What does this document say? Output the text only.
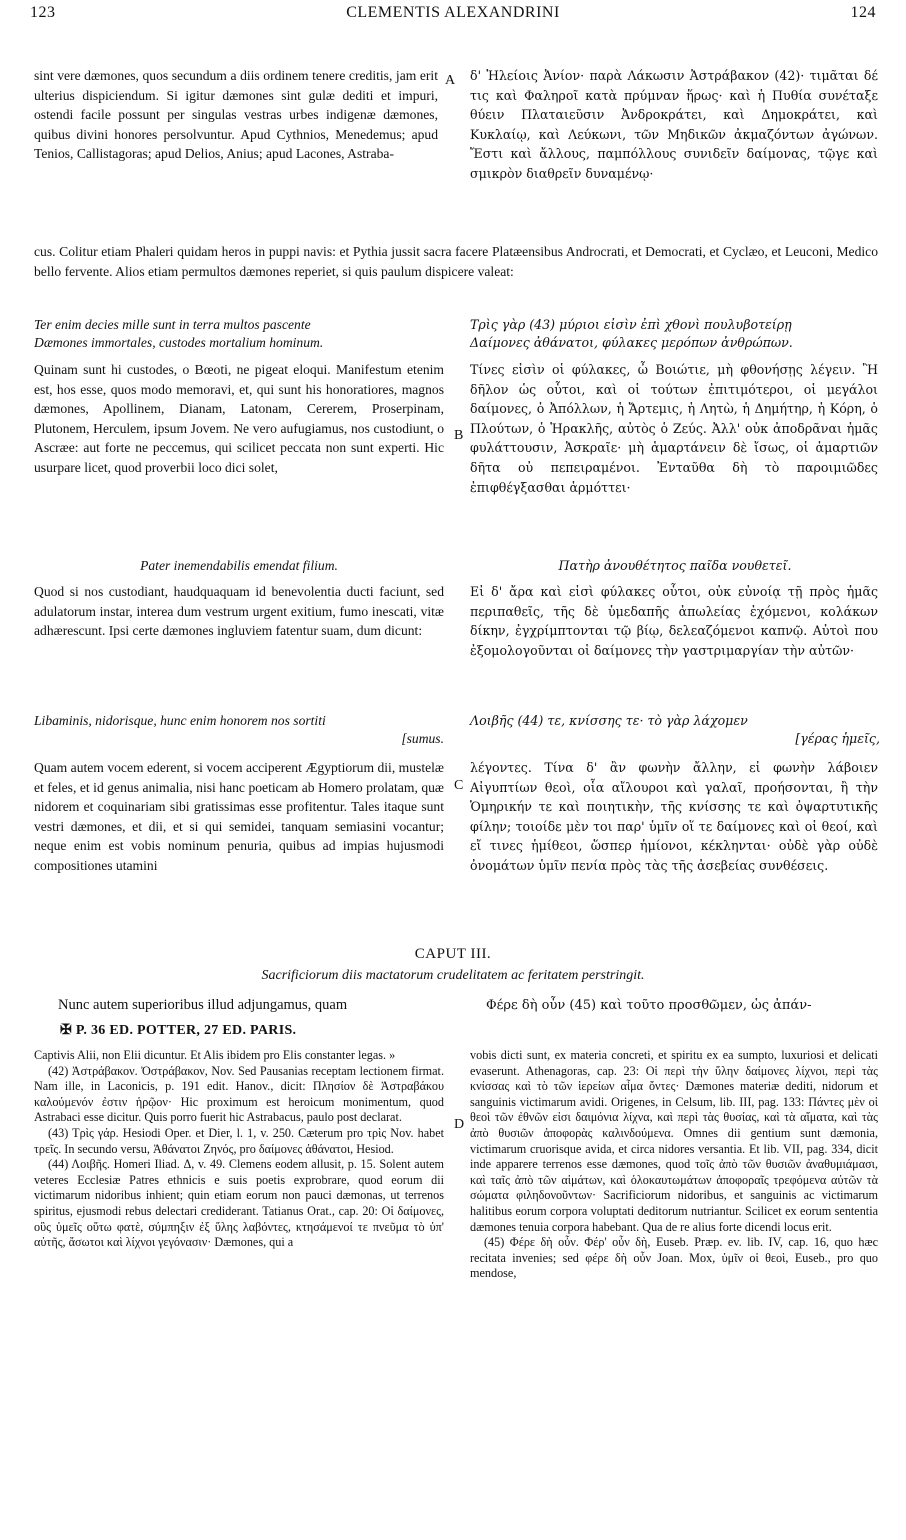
123	CLEMENTIS ALEXANDRINI	124
A
B
C
D

sint vere dæmones, quos secundum a diis ordinem tenere creditis, jam erit ulterius dispiciendum. Si igitur dæmones sint gulæ dediti et impuri, ostendi facile possunt per singulas vestras urbes indigenæ dæmones, quibus divini honores persolvuntur. Apud Cythnios, Menedemus; apud Tenios, Callistagoras; apud Delios, Anius; apud Lacones, Astraba-

δ' Ἠλείοις Ἀνίον· παρὰ Λάκωσιν Ἀστράβακον (42)· τιμᾶται δέ τις καὶ Φαληροῖ κατὰ πρύμναν ἥρως· καὶ ἡ Πυθία συνέταξε θύειν Πλαταιεῦσιν Ἀνδροκράτει, καὶ Δημοκράτει, καὶ Κυκλαίῳ, καὶ Λεύκωνι, τῶν Μηδικῶν ἀκμαζόντων ἀγώνων. Ἔστι καὶ ἄλλους, παμπόλλους συνιδεῖν δαίμονας, τῷγε καὶ σμικρὸν διαθρεῖν δυναμένῳ·

cus. Colitur etiam Phaleri quidam heros in puppi navis: et Pythia jussit sacra facere Platæensibus Androcrati, et Democrati, et Cyclæo, et Leuconi, Medico bello fervente. Alios etiam permultos dæmones reperiet, si quis paulum dispicere valeat:

Ter enim decies mille sunt in terra multos pascente

Dæmones immortales, custodes mortalium hominum.

Τρὶς γὰρ (43) μύριοι εἰσὶν ἐπὶ χθονὶ πουλυβοτείρῃ

Δαίμονες ἀθάνατοι, φύλακες μερόπων ἀνθρώπων.

Quinam sunt hi custodes, o Bœoti, ne pigeat eloqui. Manifestum etenim est, hos esse, quos modo memoravi, et, qui sunt his honoratiores, magnos dæmones, Apollinem, Dianam, Latonam, Cererem, Proserpinam, Plutonem, Herculem, ipsum Jovem. Ne vero aufugiamus, nos custodiunt, o Ascræe: aut forte ne peccemus, qui scilicet peccata non sunt experti. Hic usurpare licet, quod proverbii loco dici solet,

Τίνες εἰσὶν οἱ φύλακες, ὦ Βοιώτιε, μὴ φθονήσῃς λέγειν. Ἢ δῆλον ὡς οὗτοι, καὶ οἱ τούτων ἐπιτιμότεροι, οἱ μεγάλοι δαίμονες, ὁ Ἀπόλλων, ἡ Ἄρτεμις, ἡ Λητὼ, ἡ Δημήτηρ, ἡ Κόρη, ὁ Πλούτων, ὁ Ἡρακλῆς, αὐτὸς ὁ Ζεύς. Ἀλλ' οὐκ ἀποδρᾶναι ἡμᾶς φυλάττουσιν, Ἀσκραῖε· μὴ ἁμαρτάνειν δὲ ἴσως, οἱ ἁμαρτιῶν δῆτα οὐ πεπειραμένοι. Ἐνταῦθα δὴ τὸ παροιμιῶδες ἐπιφθέγξασθαι ἁρμόττει·

Pater inemendabilis emendat filium.	Πατὴρ ἀνουθέτητος παῖδα νουθετεῖ.

Quod si nos custodiant, haudquaquam id benevolentia ducti faciunt, sed adulatorum instar, interea dum vestrum urgent exitium, fumo inescati, vitæ adhærescunt. Ipsi certe dæmones ingluviem fatentur suam, dum dicunt:

Εἰ δ' ἄρα καὶ εἰσὶ φύλακες οὗτοι, οὐκ εὐνοίᾳ τῇ πρὸς ἡμᾶς περιπαθεῖς, τῆς δὲ ὑμεδαπῆς ἀπωλείας ἐχόμενοι, κολάκων δίκην, ἐγχρίμπτονται τῷ βίῳ, δελεαζόμενοι καπνῷ. Αὐτοὶ που ἐξομολογοῦνται οἱ δαίμονες τὴν γαστριμαργίαν τὴν αὐτῶν·

Libaminis, nidorisque, hunc enim honorem nos sortiti

[sumus.

Λοιβῆς (44) τε, κνίσσης τε· τὸ γὰρ λάχομεν

[γέρας ἡμεῖς,

Quam autem vocem ederent, si vocem acciperent Ægyptiorum dii, mustelæ et feles, et id genus animalia, nisi hanc poeticam ab Homero prolatam, quæ nidorem et coquinariam sibi gratissimas esse profitentur. Tales itaque sunt vestri dæmones, et dii, et si qui semidei, tanquam semiasini vocantur; neque enim est vobis nominum penuria, quibus ad impias hujusmodi compositiones utamini

λέγοντες. Τίνα δ' ἂν φωνὴν ἄλλην, εἰ φωνὴν λάβοιεν Αἰγυπτίων θεοὶ, οἷα αἴλουροι καὶ γαλαῖ, προήσονται, ἢ τὴν Ὁμηρικήν τε καὶ ποιητικὴν, τῆς κνίσσης τε καὶ ὀψαρτυτικῆς φίλην; τοιοίδε μὲν τοι παρ' ὑμῖν οἵ τε δαίμονες καὶ οἱ θεοί, καὶ εἴ τινες ἡμίθεοι, ὥσπερ ἡμίονοι, κέκληνται· οὐδὲ γὰρ οὐδὲ ὀνομάτων ὑμῖν πενία πρὸς τὰς τῆς ἀσεβείας συνθέσεις.

CAPUT III.
Sacrificiorum diis mactatorum crudelitatem ac feritatem perstringit.

Nunc autem superioribus illud adjungamus, quam	Φέρε δὴ οὖν (45) καὶ τοῦτο προσθῶμεν, ὡς ἀπάν-

✠ P. 36 ED. POTTER, 27 ED. PARIS.

Captivis Alii, non Elii dicuntur. Et Alis ibidem pro Elis constanter legas. »

(42) Ἀστράβακον. Ὀστράβακον, Nov. Sed Pausanias receptam lectionem firmat. Nam ille, in Laconicis, p. 191 edit. Hanov., dicit: Πλησίον δὲ Ἀστραβάκου καλούμενόν ἐστιν ἡρῷον· Hic proximum est heroicum monimentum, quod Astrabaci esse dicitur. Quis porro fuerit hic Astrabacus, paulo post declarat.

(43) Τρὶς γάρ. Hesiodi Oper. et Dier, l. 1, v. 250. Cæterum pro τρὶς Nov. habet τρεῖς. In secundo versu, Ἀθάνατοι Ζηνός, pro δαίμονες ἀθάνατοι, Hesiod.

(44) Λοιβῆς. Homeri Iliad. Δ, v. 49. Clemens eodem allusit, p. 15. Solent autem veteres Ecclesiæ Patres ethnicis e suis poetis exprobrare, quod eorum dii victimarum nidoribus inhient; quin etiam eorum non pauci dæmonas, ut terrenos spiritus, ejusmodi rebus delectari crediderant. Tatianus Orat., cap. 20: Οἱ δαίμονες, οὓς ὑμεῖς οὕτω φατὲ, σύμπηξιν ἐξ ὕλης λαβόντες, κτησάμενοί τε πνεῦμα τὸ ὑπ' αὐτῆς, ἄσωτοι καὶ λίχνοι γεγόνασιν· Dæmones, qui a

vobis dicti sunt, ex materia concreti, et spiritu ex ea sumpto, luxuriosi et delicati evaserunt. Athenagoras, cap. 23: Οἱ περὶ τὴν ὕλην δαίμονες λίχνοι, περὶ τὰς κνίσσας καὶ τὸ τῶν ἱερείων αἷμα ὄντες· Dæmones materiæ dediti, nidorum et sanguinis victimarum avidi. Origenes, in Celsum, lib. III, pag. 133: Πάντες μὲν οἱ θεοὶ τῶν ἐθνῶν εἰσι δαιμόνια λίχνα, καὶ περὶ τὰς θυσίας, καὶ τὰ αἵματα, καὶ τὰς ἀπὸ θυσιῶν ἀποφορὰς καλινδούμενα. Omnes dii gentium sunt dæmonia, victimarum cruorisque avida, et circa nidores versantia. Et lib. VII, pag. 334, dicit inde apparere terrenos esse dæmones, quod τοῖς ἀπὸ τῶν θυσιῶν ἀναθυμιάμασι, καὶ ταῖς ἀπὸ τῶν αἱμάτων, καὶ ὁλοκαυτωμάτων ἀποφοραῖς τρεφόμενα αὐτῶν τὰ σώματα φιληδονοῦντων· Sacrificiorum nidoribus, et sanguinis ac victimarum halitibus eorum corpora voluptati deditorum nutriantur. Scilicet ex eorum sententia dæmones tenuia corpora habebant. Qua de re alius forte dicendi locus erit.

(45) Φέρε δὴ οὖν. Φέρ' οὖν δὴ, Euseb. Præp. ev. lib. IV, cap. 16, quo hæc recitata invenies; sed φέρε δὴ οὖν Joan. Mox, ὑμῖν οἱ θεοὶ, Euseb., pro quo mendose,
